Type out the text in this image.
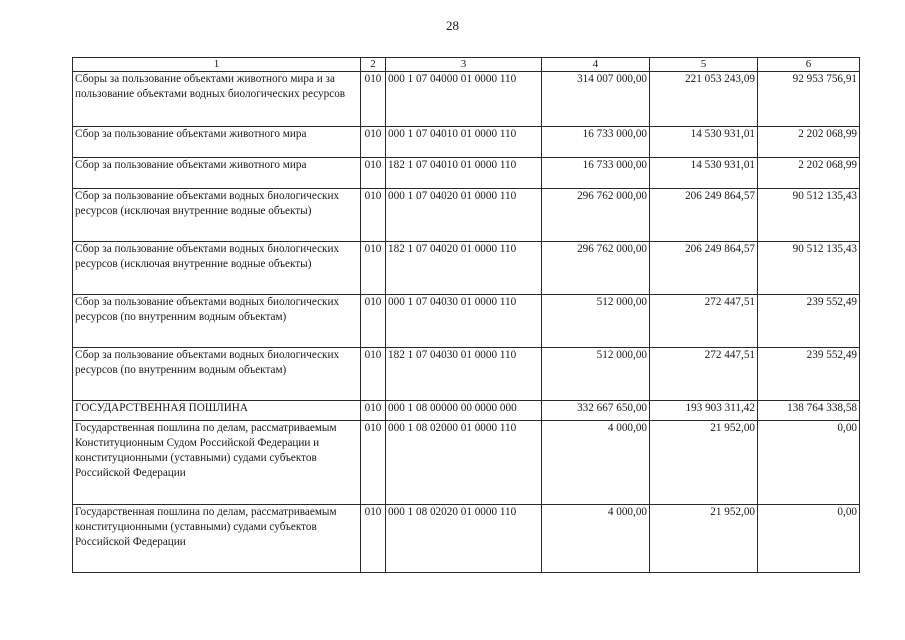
28
1	2	3	4	5	6
Сборы за пользование объектами животного мира и за пользование объектами водных биологических ресурсов	010	000 1 07 04000 01 0000 110	314 007 000,00	221 053 243,09	92 953 756,91
Сбор за пользование объектами животного мира	010	000 1 07 04010 01 0000 110	16 733 000,00	14 530 931,01	2 202 068,99
Сбор за пользование объектами животного мира	010	182 1 07 04010 01 0000 110	16 733 000,00	14 530 931,01	2 202 068,99
Сбор за пользование объектами водных биологических ресурсов (исключая внутренние водные объекты)	010	000 1 07 04020 01 0000 110	296 762 000,00	206 249 864,57	90 512 135,43
Сбор за пользование объектами водных биологических ресурсов (исключая внутренние водные объекты)	010	182 1 07 04020 01 0000 110	296 762 000,00	206 249 864,57	90 512 135,43
Сбор за пользование объектами водных биологических ресурсов (по внутренним водным объектам)	010	000 1 07 04030 01 0000 110	512 000,00	272 447,51	239 552,49
Сбор за пользование объектами водных биологических ресурсов (по внутренним водным объектам)	010	182 1 07 04030 01 0000 110	512 000,00	272 447,51	239 552,49
ГОСУДАРСТВЕННАЯ ПОШЛИНА	010	000 1 08 00000 00 0000 000	332 667 650,00	193 903 311,42	138 764 338,58
Государственная пошлина по делам, рассматриваемым Конституционным Судом Российской Федерации и конституционными (уставными) судами субъектов Российской Федерации	010	000 1 08 02000 01 0000 110	4 000,00	21 952,00	0,00
Государственная пошлина по делам, рассматриваемым конституционными (уставными) судами субъектов Российской Федерации	010	000 1 08 02020 01 0000 110	4 000,00	21 952,00	0,00
